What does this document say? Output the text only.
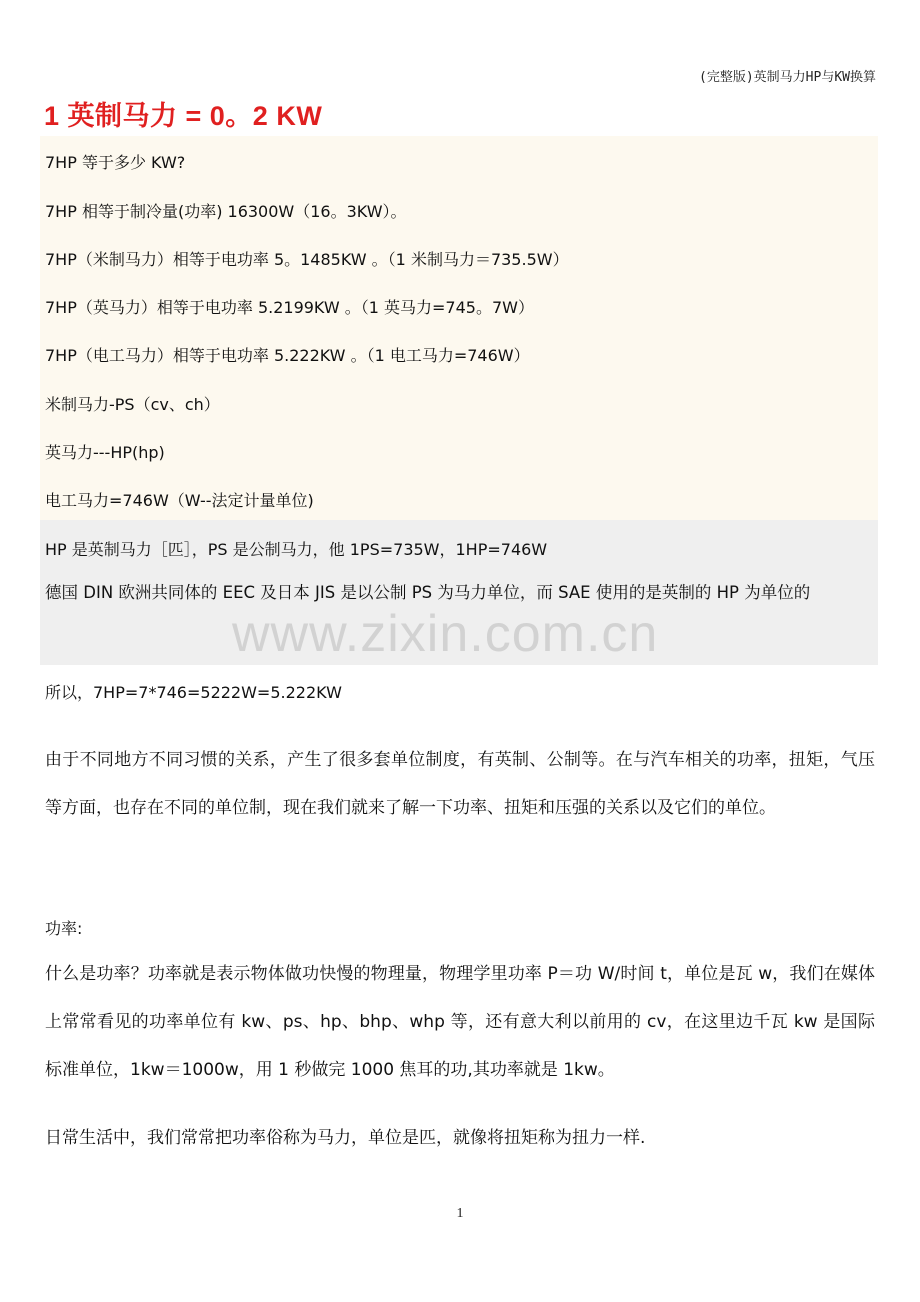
(完整版)英制马力HP与KW换算
1 英制马力 = 0。2 KW
7HP 等于多少 KW?
7HP 相等于制冷量(功率) 16300W（16。3KW）。
7HP（米制马力）相等于电功率 5。1485KW 。（1 米制马力＝735.5W）
7HP（英马力）相等于电功率 5.2199KW 。（1 英马力=745。7W）
7HP（电工马力）相等于电功率 5.222KW 。（1 电工马力=746W）
米制马力-PS（cv、ch）
英马力---HP(hp)
电工马力=746W（W--法定计量单位)
HP 是英制马力［匹］，PS 是公制马力，他 1PS=735W，1HP=746W
德国 DIN 欧洲共同体的 EEC 及日本 JIS 是以公制 PS 为马力单位，而 SAE 使用的是英制的 HP 为单位的
www.zixin.com.cn
所以，7HP=7*746=5222W=5.222KW
由于不同地方不同习惯的关系，产生了很多套单位制度，有英制、公制等。在与汽车相关的功率，扭矩，气压等方面，也存在不同的单位制，现在我们就来了解一下功率、扭矩和压强的关系以及它们的单位。
功率:
什么是功率？功率就是表示物体做功快慢的物理量，物理学里功率 P＝功 W/时间 t，单位是瓦 w，我们在媒体上常常看见的功率单位有 kw、ps、hp、bhp、whp 等，还有意大利以前用的 cv，在这里边千瓦 kw 是国际标准单位，1kw＝1000w，用 1 秒做完 1000 焦耳的功,其功率就是 1kw。
日常生活中，我们常常把功率俗称为马力，单位是匹，就像将扭矩称为扭力一样.
1
